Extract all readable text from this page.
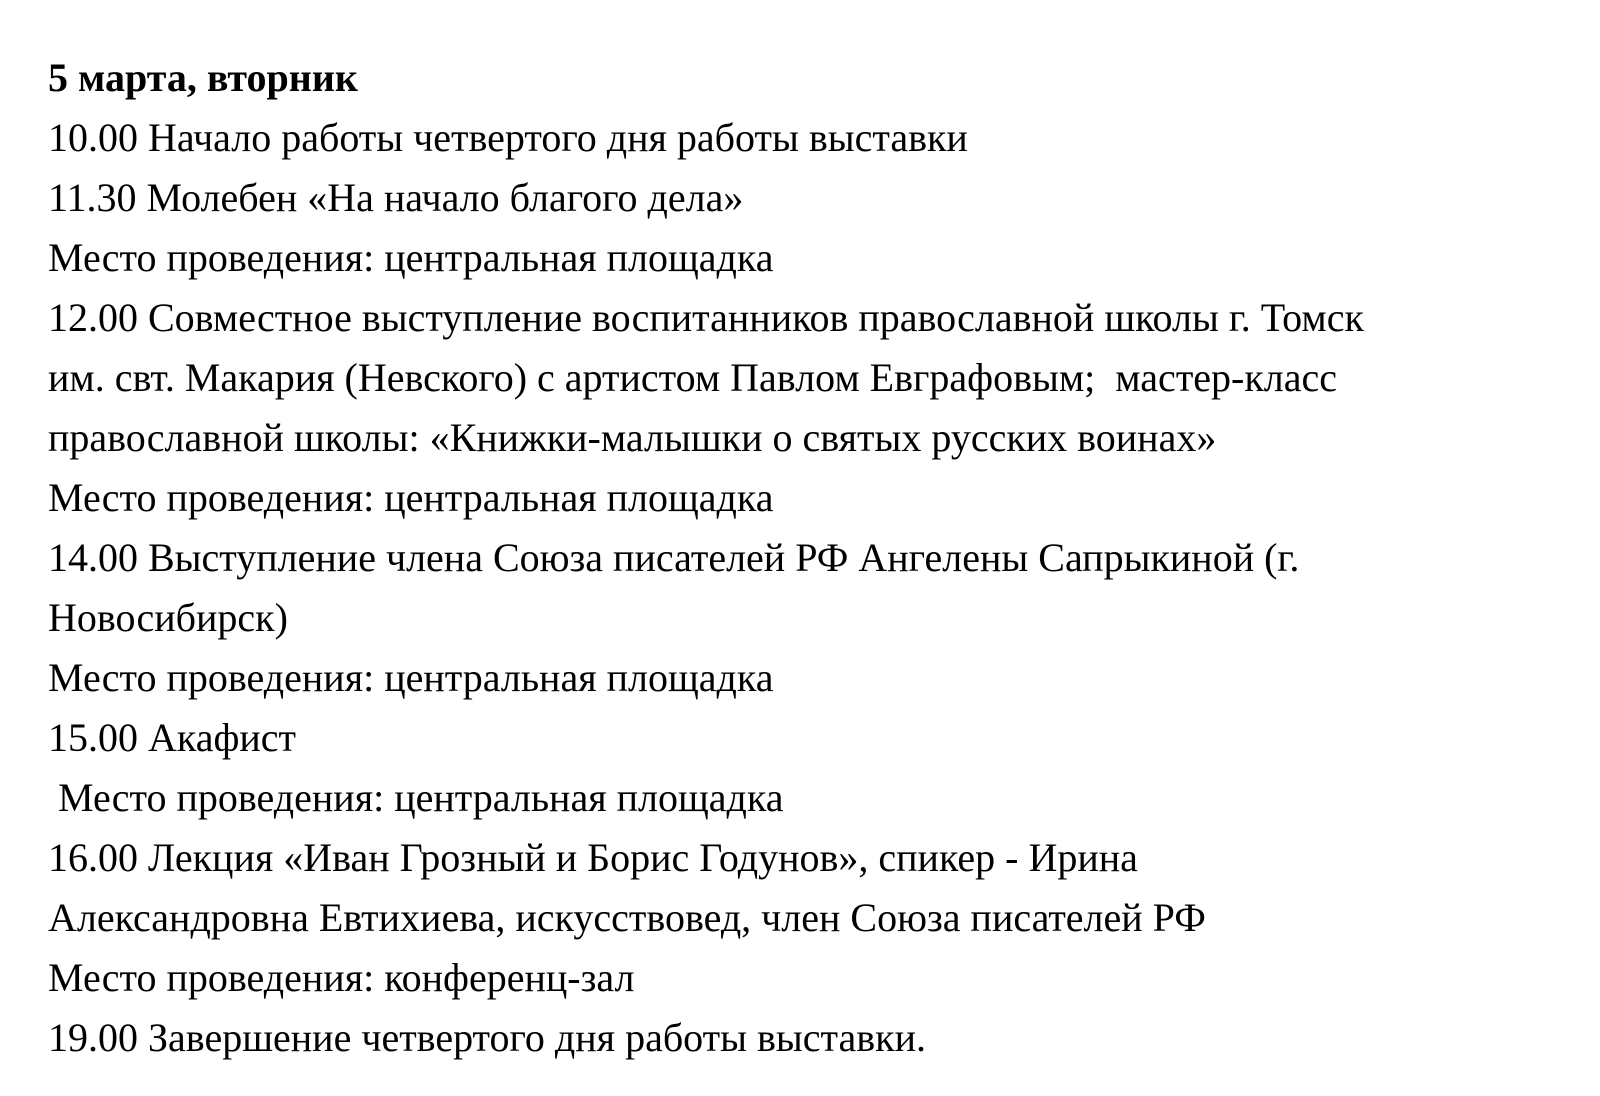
5 марта, вторник

10.00 Начало работы четвертого дня работы выставки

11.30 Молебен «На начало благого дела»

Место проведения: центральная площадка

12.00 Совместное выступление воспитанников православной школы г. Томск

им. свт. Макария (Невского) с артистом Павлом Евграфовым;  мастер-класс

православной школы: «Книжки-малышки о святых русских воинах»

Место проведения: центральная площадка

14.00 Выступление члена Союза писателей РФ Ангелены Сапрыкиной (г.

Новосибирск)

Место проведения: центральная площадка

15.00 Акафист

Место проведения: центральная площадка

16.00 Лекция «Иван Грозный и Борис Годунов», спикер - Ирина

Александровна Евтихиева, искусствовед, член Союза писателей РФ

Место проведения: конференц-зал

19.00 Завершение четвертого дня работы выставки.
